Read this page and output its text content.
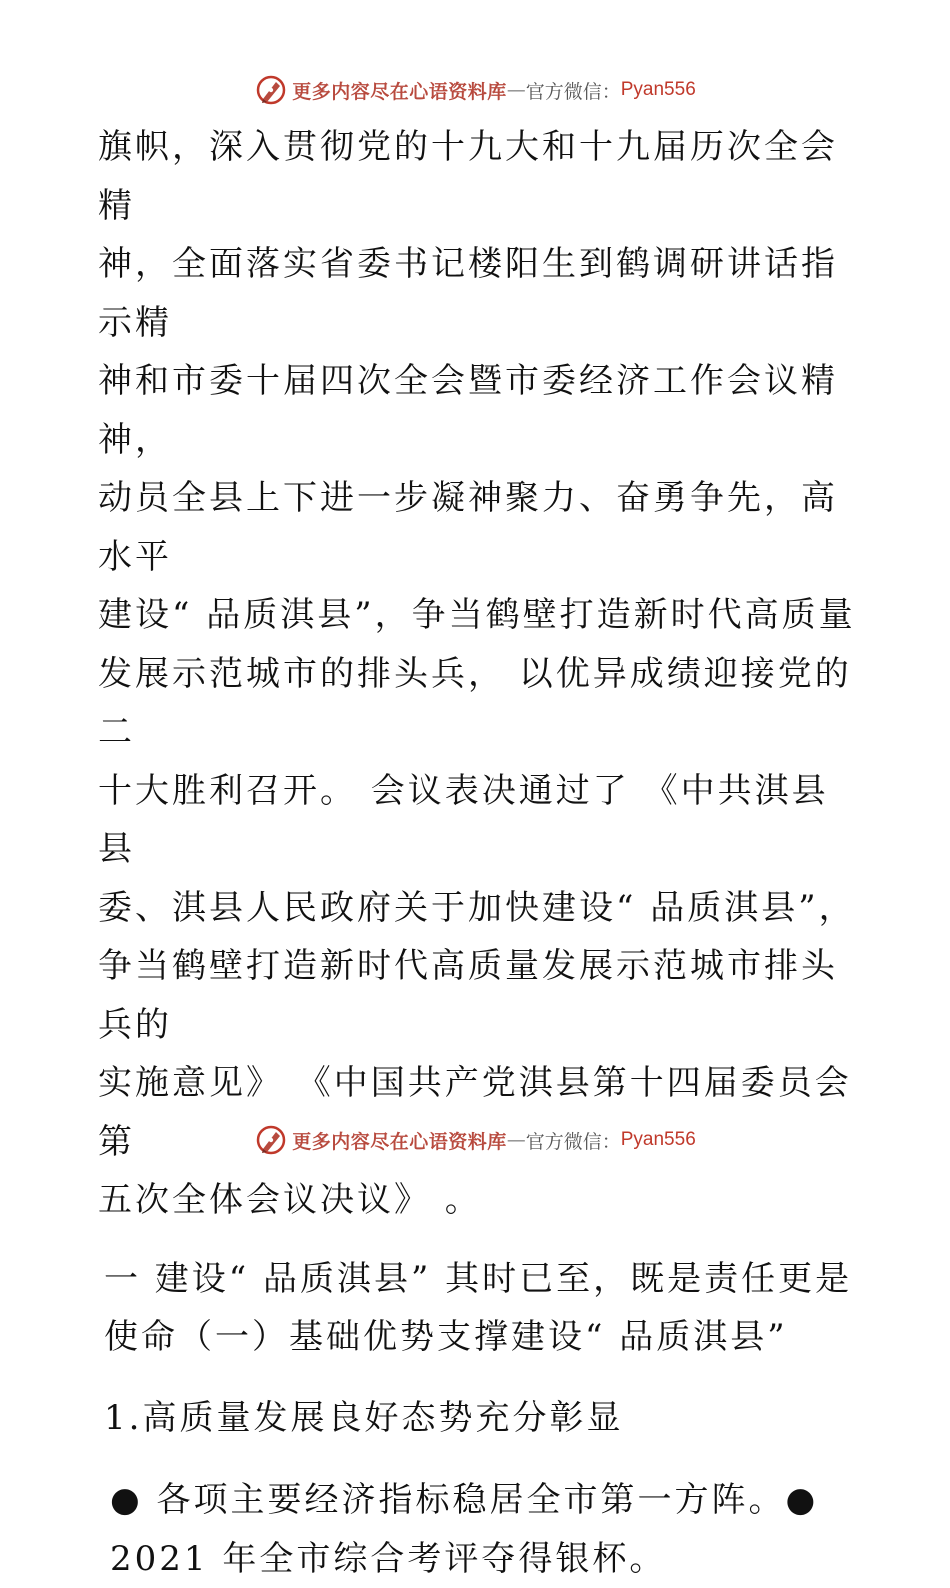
更多内容尽在心语资料库 — 官方微信： Pyan556

旗帜，深入贯彻党的十九大和十九届历次全会精
神，全面落实省委书记楼阳生到鹤调研讲话指示精
神和市委十届四次全会暨市委经济工作会议精神，
动员全县上下进一步凝神聚力、奋勇争先，高水平
建设“ 品质淇县”，争当鹤壁打造新时代高质量
发展示范城市的排头兵， 以优异成绩迎接党的二
十大胜利召开。 会议表决通过了 《中共淇县县
委、淇县人民政府关于加快建设“ 品质淇县”，
争当鹤壁打造新时代高质量发展示范城市排头兵的
实施意见》 《中国共产党淇县第十四届委员会第
五次全体会议决议》 。

一 建设“ 品质淇县” 其时已至，既是责任更是
使命（一）基础优势支撑建设“ 品质淇县”

1.高质量发展良好态势充分彰显

● 各项主要经济指标稳居全市第一方阵。●
2021 年全市综合考评夺得银杯。

更多内容尽在心语资料库 — 官方微信： Pyan556
